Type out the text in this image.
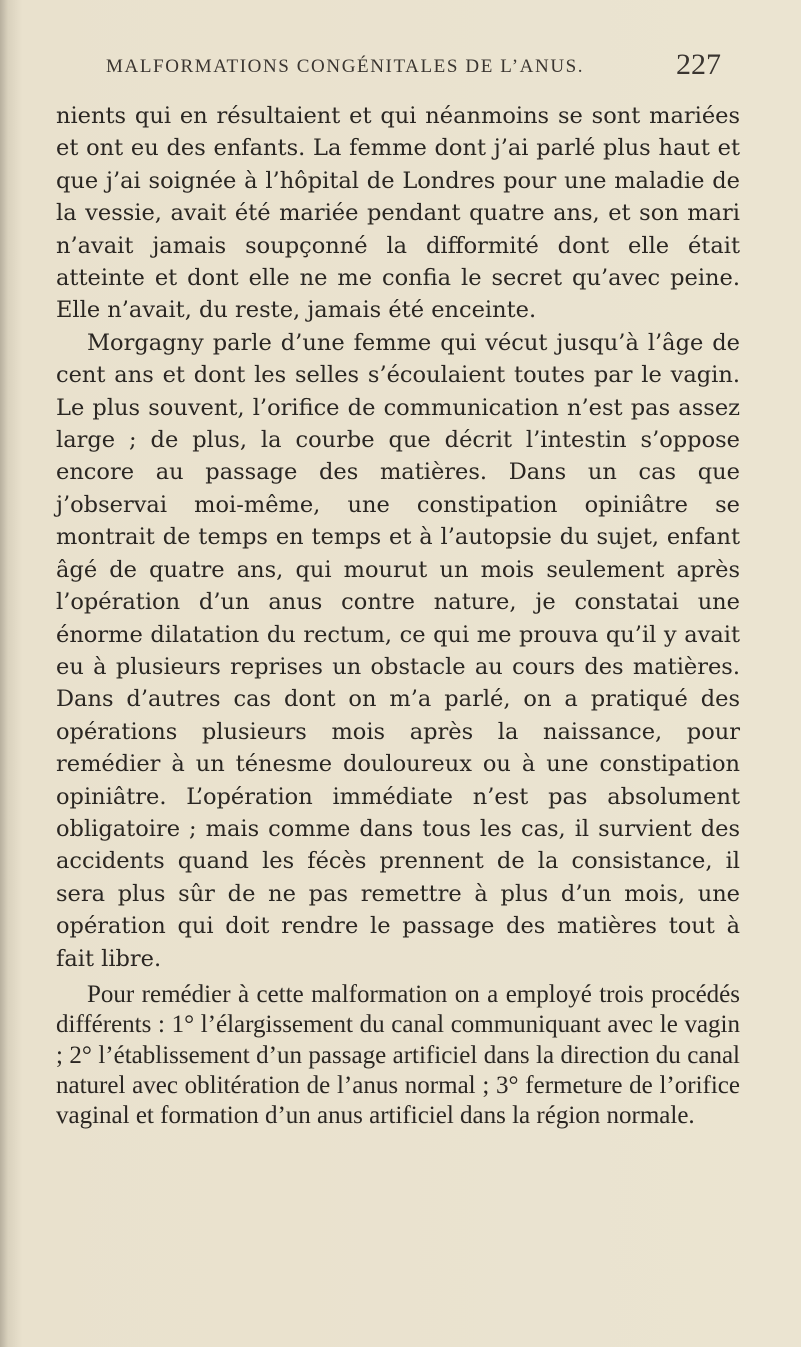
MALFORMATIONS CONGÉNITALES DE L’ANUS.	227

nients qui en résultaient et qui néanmoins se sont mariées et ont eu des enfants. La femme dont j’ai parlé plus haut et que j’ai soignée à l’hôpital de Londres pour une maladie de la vessie, avait été mariée pendant quatre ans, et son mari n’avait jamais soupçonné la difformité dont elle était atteinte et dont elle ne me confia le secret qu’avec peine. Elle n’avait, du reste, jamais été enceinte.

Morgagny parle d’une femme qui vécut jusqu’à l’âge de cent ans et dont les selles s’écoulaient toutes par le vagin. Le plus souvent, l’orifice de communication n’est pas assez large ; de plus, la courbe que décrit l’intestin s’oppose encore au passage des matières. Dans un cas que j’observai moi-même, une constipation opiniâtre se montrait de temps en temps et à l’autopsie du sujet, enfant âgé de quatre ans, qui mourut un mois seulement après l’opération d’un anus contre nature, je constatai une énorme dilatation du rectum, ce qui me prouva qu’il y avait eu à plusieurs reprises un obstacle au cours des matières. Dans d’autres cas dont on m’a parlé, on a pratiqué des opérations plusieurs mois après la naissance, pour remédier à un ténesme douloureux ou à une constipation opiniâtre. L’opération immédiate n’est pas absolument obligatoire ; mais comme dans tous les cas, il survient des accidents quand les fécès prennent de la consistance, il sera plus sûr de ne pas remettre à plus d’un mois, une opération qui doit rendre le passage des matières tout à fait libre.

Pour remédier à cette malformation on a employé trois procédés différents : 1° l’élargissement du canal communiquant avec le vagin ; 2° l’établissement d’un passage artificiel dans la direction du canal naturel avec oblitération de l’anus normal ; 3° fermeture de l’orifice vaginal et formation d’un anus artificiel dans la région normale.
